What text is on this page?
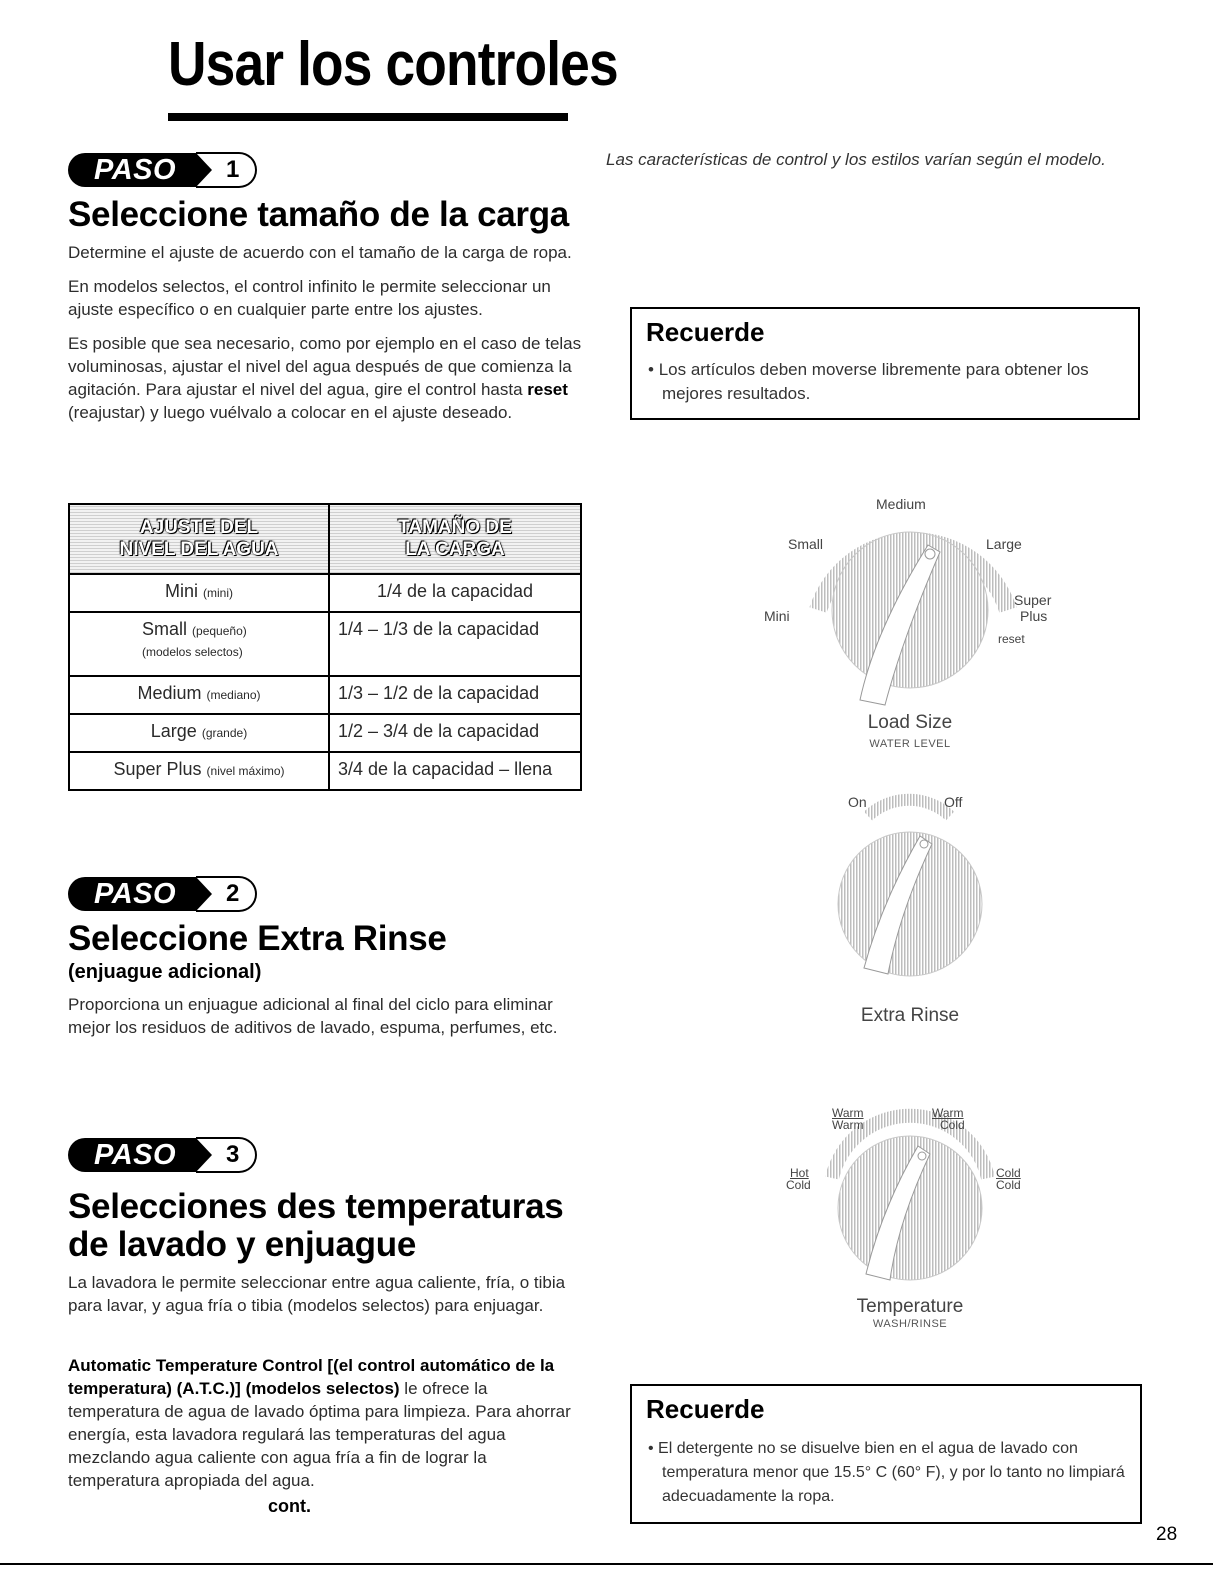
Usar los controles
Las características de control y los estilos varían según el modelo.
PASO	1
Seleccione tamaño de la carga

Determine el ajuste de acuerdo con el tamaño de la carga de ropa.

En modelos selectos, el control infinito le permite seleccionar un ajuste específico o en cualquier parte entre los ajustes.

Es posible que sea necesario, como por ejemplo en el caso de telas voluminosas, ajustar el nivel del agua después de que comienza la agitación. Para ajustar el nivel del agua, gire el control hasta reset (reajustar) y luego vuélvalo a colocar en el ajuste deseado.

AJUSTE DEL
NIVEL DEL AGUA	TAMAÑO DE
LA CARGA
Mini (mini)	1/4 de la capacidad
Small (pequeño)
(modelos selectos)	1/4 – 1/3 de la capacidad
Medium (mediano)	1/3 – 1/2 de la capacidad
Large (grande)	1/2 – 3/4 de la capacidad
Super Plus (nivel máximo)	3/4 de la capacidad – llena
Recuerde

• Los artículos deben moverse libremente para obtener los mejores resultados.

Medium
Small	Large
Mini
Super
Plus
reset
Load Size
WATER LEVEL
On	Off
Extra Rinse
Warm
Warm
Warm
Cold
Hot
Cold
Cold
Cold
Temperature
WASH/RINSE
PASO	2
Seleccione Extra Rinse
(enjuague adicional)

Proporciona un enjuague adicional al final del ciclo para eliminar mejor los residuos de aditivos de lavado, espuma, perfumes, etc.

PASO	3
Selecciones des temperaturas
de lavado y enjuague

La lavadora le permite seleccionar entre agua caliente, fría, o tibia para lavar, y agua fría o tibia (modelos selectos) para enjuagar.

Automatic Temperature Control [(el control automático de la temperatura) (A.T.C.)] (modelos selectos) le ofrece la temperatura de agua de lavado óptima para limpieza. Para ahorrar energía, esta lavadora regulará las temperaturas del agua mezclando agua caliente con agua fría a fin de lograr la temperatura apropiada del agua.

cont.
Recuerde

• El detergente no se disuelve bien en el agua de lavado con temperatura menor que 15.5° C (60° F), y por lo tanto no limpiará adecuadamente la ropa.

28
